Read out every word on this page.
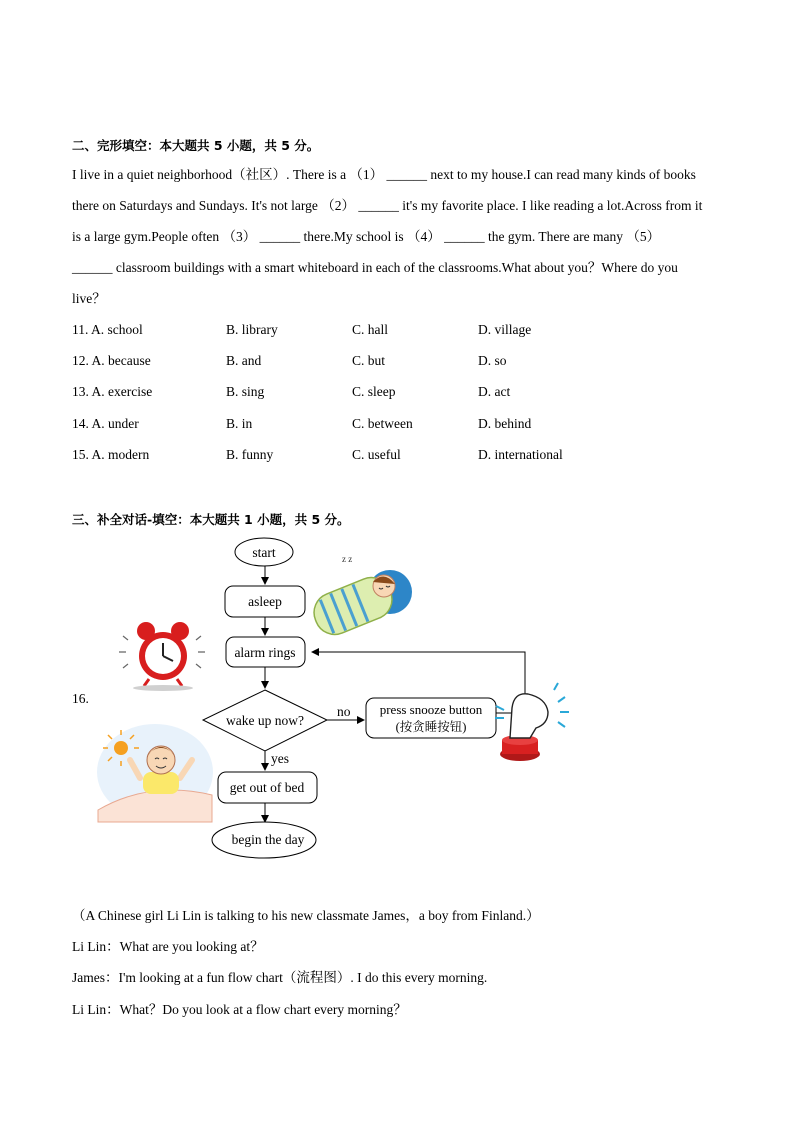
二、完形填空：本大题共 5 小题，共 5 分。

I live in a quiet neighborhood（社区）. There is a （1） ______ next to my house.I can read many kinds of books

there on Saturdays and Sundays. It's not large （2） ______ it's my favorite place. I like reading a lot.Across from it

is a large gym.People often （3） ______ there.My school is （4） ______ the gym. There are many （5）

______ classroom buildings with a smart whiteboard in each of the classrooms.What about you？Where do you

live？

11. A. school	B. library	C. hall	D. village
12. A. because	B. and	C. but	D. so
13. A. exercise	B. sing	C. sleep	D. act
14. A. under	B. in	C. between	D. behind
15. A. modern	B. funny	C. useful	D. international
三、补全对话-填空：本大题共 1 小题，共 5 分。
16.
start
asleep
alarm rings
wake up now?
no
yes
press snooze button
(按贪睡按钮)
get out of bed
begin the day
z z
（A Chinese girl Li Lin is talking to his new classmate James，a boy from Finland.）
Li Lin：What are you looking at？
James：I'm looking at a fun flow chart（流程图）. I do this every morning.
Li Lin：What？Do you look at a flow chart every morning？
